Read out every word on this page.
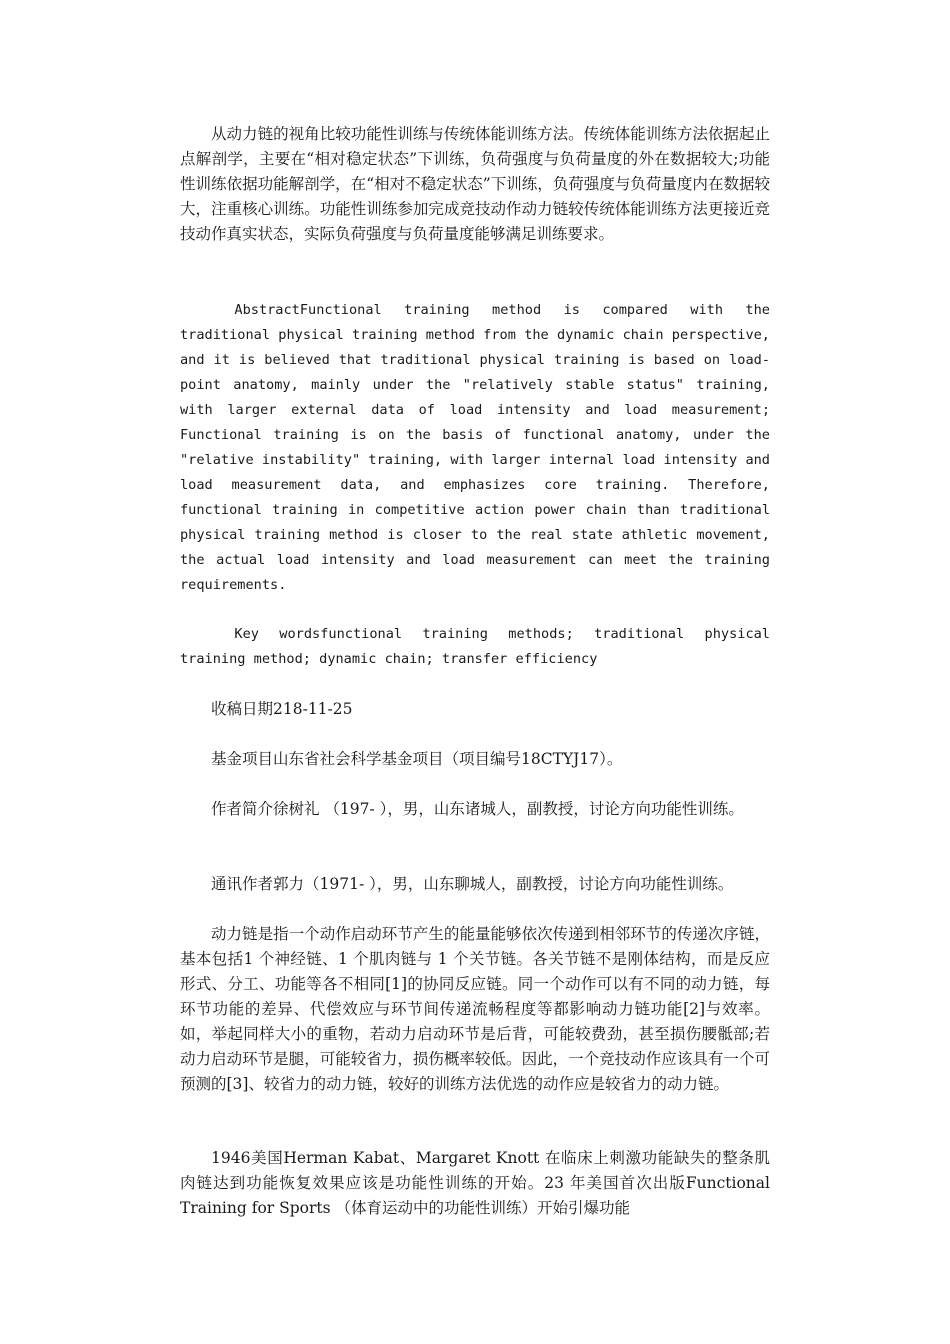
从动力链的视角比较功能性训练与传统体能训练方法。传统体能训练方法依据起止点解剖学，主要在“相对稳定状态”下训练，负荷强度与负荷量度的外在数据较大;功能性训练依据功能解剖学，在“相对不稳定状态”下训练，负荷强度与负荷量度内在数据较大，注重核心训练。功能性训练参加完成竞技动作动力链较传统体能训练方法更接近竞技动作真实状态，实际负荷强度与负荷量度能够满足训练要求。

AbstractFunctional training method is compared with the traditional physical training method from the dynamic chain perspective, and it is believed that traditional physical training is based on load-point anatomy, mainly under the "relatively stable status" training, with larger external data of load intensity and load measurement; Functional training is on the basis of functional anatomy, under the "relative instability" training, with larger internal load intensity and load measurement data, and emphasizes core training. Therefore, functional training in competitive action power chain than traditional physical training method is closer to the real state athletic movement, the actual load intensity and load measurement can meet the training requirements.

Key wordsfunctional training methods; traditional physical training method; dynamic chain; transfer efficiency

收稿日期218-11-25

基金项目山东省社会科学基金项目（项目编号18CTYJ17）。

作者简介徐树礼 （197- ），男，山东诸城人，副教授，讨论方向功能性训练。

通讯作者郭力（1971- ），男，山东聊城人，副教授，讨论方向功能性训练。

动力链是指一个动作启动环节产生的能量能够依次传递到相邻环节的传递次序链，基本包括1 个神经链、1 个肌肉链与 1 个关节链。各关节链不是刚体结构，而是反应形式、分工、功能等各不相同[1]的协同反应链。同一个动作可以有不同的动力链，每环节功能的差异、代偿效应与环节间传递流畅程度等都影响动力链功能[2]与效率。如，举起同样大小的重物，若动力启动环节是后背，可能较费劲，甚至损伤腰骶部;若动力启动环节是腿，可能较省力，损伤概率较低。因此，一个竞技动作应该具有一个可预测的[3]、较省力的动力链，较好的训练方法优选的动作应是较省力的动力链。

1946美国Herman Kabat、Margaret Knott 在临床上刺激功能缺失的整条肌肉链达到功能恢复效果应该是功能性训练的开始。23 年美国首次出版Functional Training for Sports （体育运动中的功能性训练）开始引爆功能
